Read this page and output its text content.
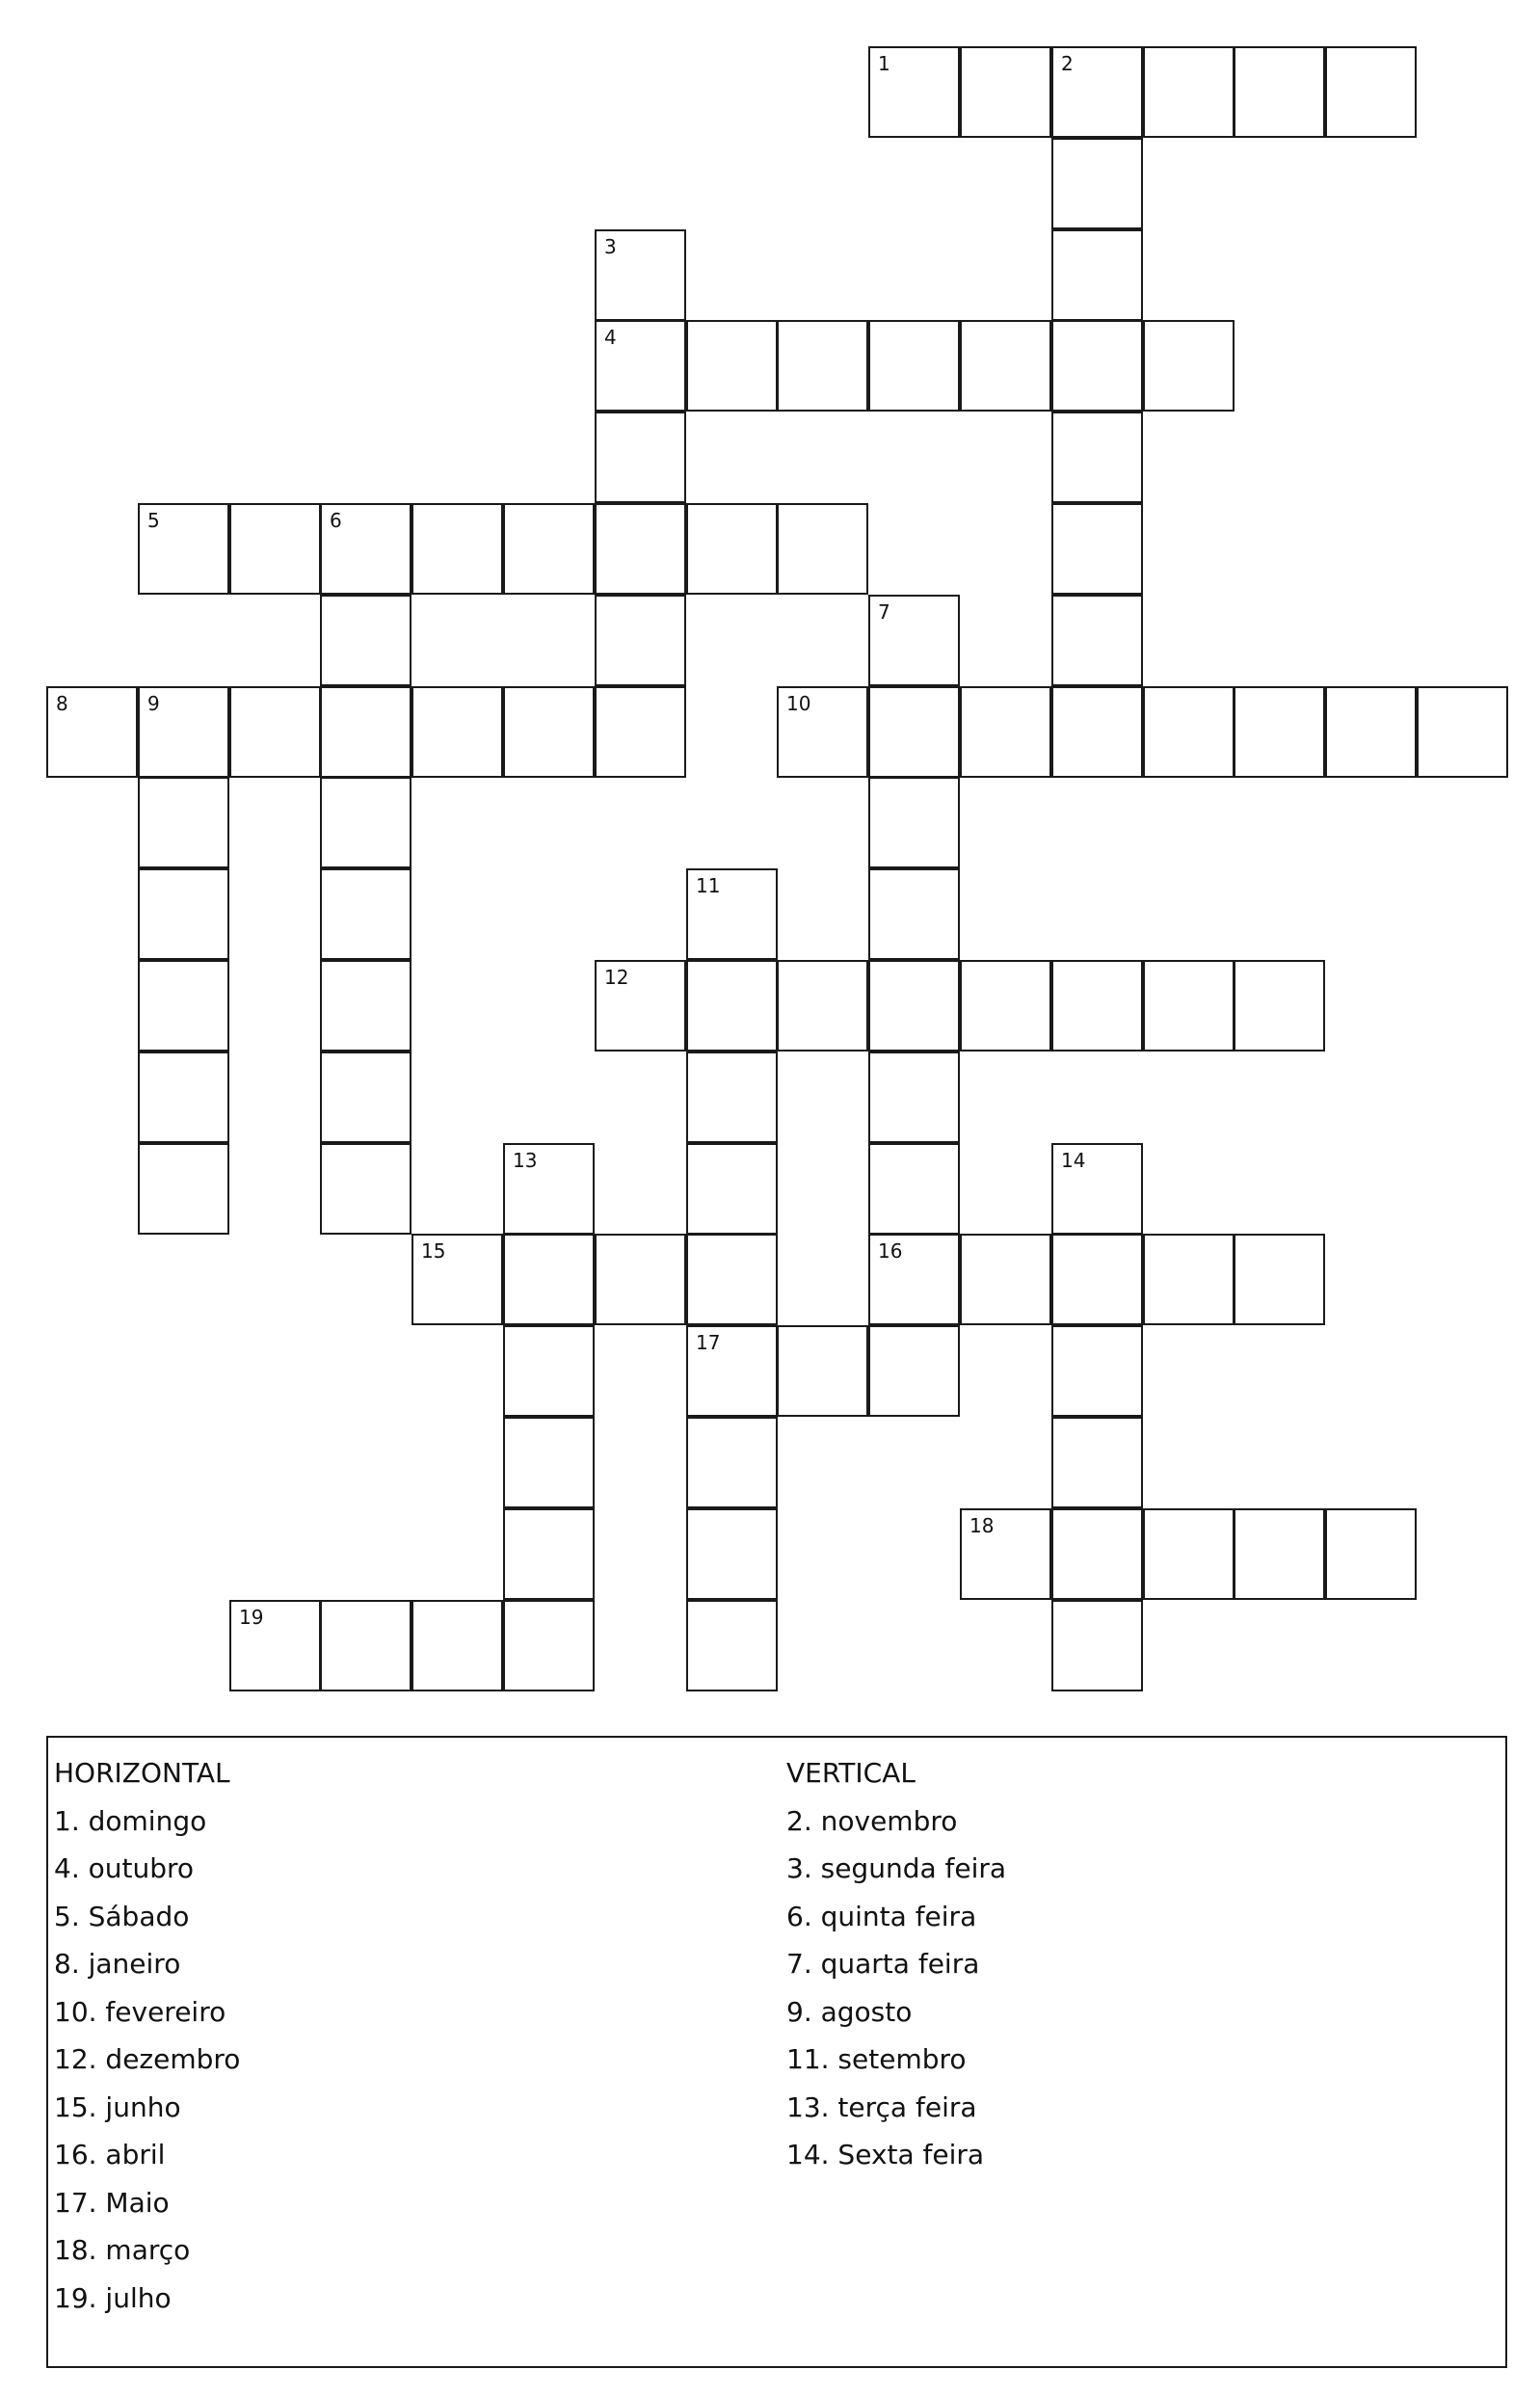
1	2
3
4
5	6
7
8	9	10
11
12
13	14
15	16
17
18
19
HORIZONTAL
1. domingo
4. outubro
5. Sábado
8. janeiro
10. fevereiro
12. dezembro
15. junho
16. abril
17. Maio
18. março
19. julho
VERTICAL
2. novembro
3. segunda feira
6. quinta feira
7. quarta feira
9. agosto
11. setembro
13. terça feira
14. Sexta feira
